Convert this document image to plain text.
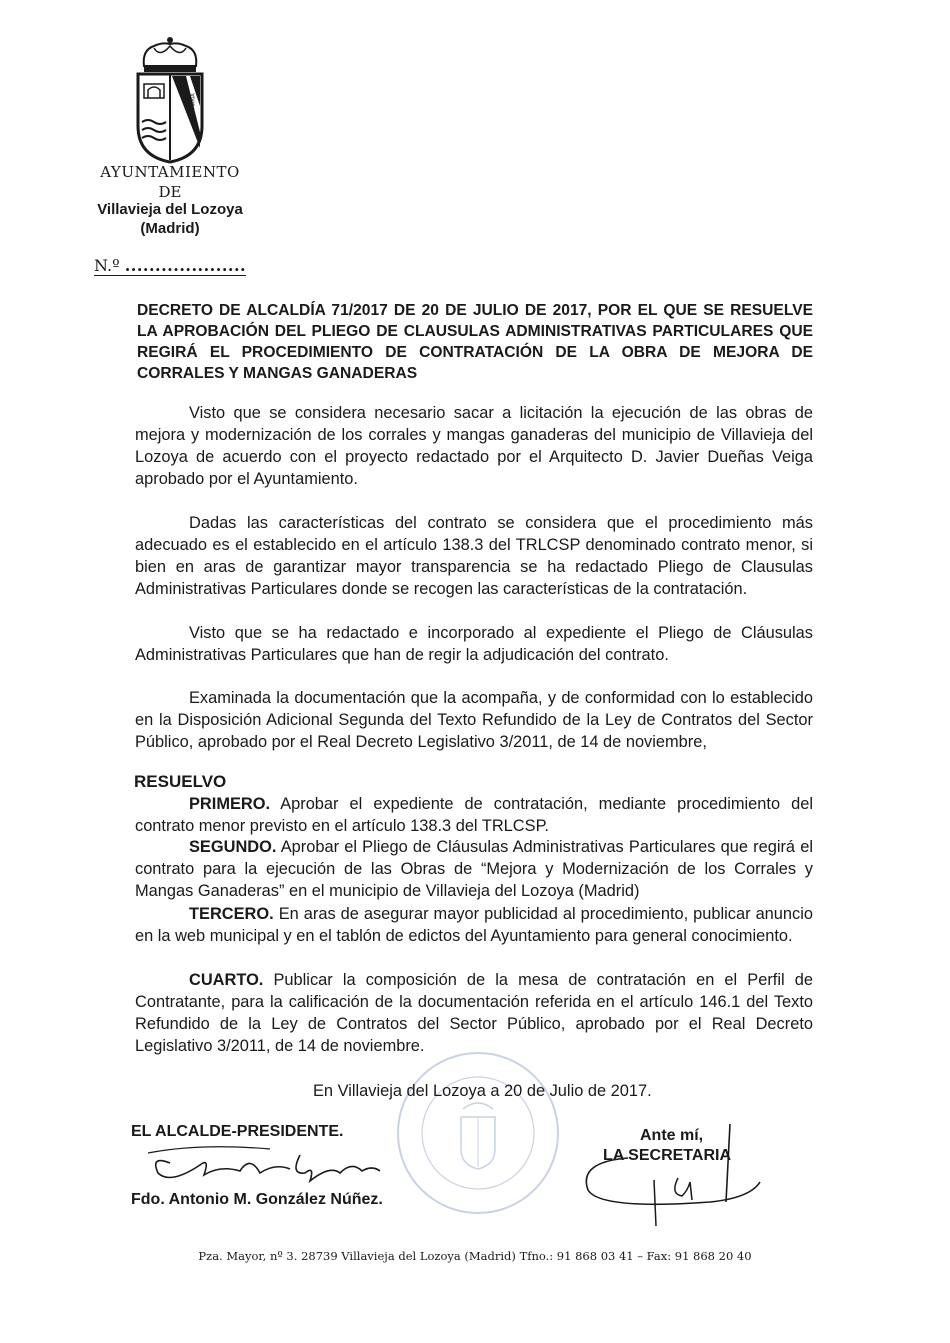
AVE MARIA
AYUNTAMIENTO
DE
Villavieja del Lozoya
(Madrid)
N.º ....................
DECRETO DE ALCALDÍA 71/2017 DE 20 DE JULIO DE 2017, POR EL QUE SE RESUELVE LA APROBACIÓN DEL PLIEGO DE CLAUSULAS ADMINISTRATIVAS PARTICULARES QUE REGIRÁ EL PROCEDIMIENTO DE CONTRATACIÓN DE LA OBRA DE MEJORA DE CORRALES Y MANGAS GANADERAS
Visto que se considera necesario sacar a licitación la ejecución de las obras de mejora y modernización de los corrales y mangas ganaderas del municipio de Villavieja del Lozoya de acuerdo con el proyecto redactado por el Arquitecto D. Javier Dueñas Veiga aprobado por el Ayuntamiento.
Dadas las características del contrato se considera que el procedimiento más adecuado es el establecido en el artículo 138.3 del TRLCSP denominado contrato menor, si bien en aras de garantizar mayor transparencia se ha redactado Pliego de Clausulas Administrativas Particulares donde se recogen las características de la contratación.
Visto que se ha redactado e incorporado al expediente el Pliego de Cláusulas Administrativas Particulares que han de regir la adjudicación del contrato.
Examinada la documentación que la acompaña, y de conformidad con lo establecido en la Disposición Adicional Segunda del Texto Refundido de la Ley de Contratos del Sector Público, aprobado por el Real Decreto Legislativo 3/2011, de 14 de noviembre,
RESUELVO
PRIMERO. Aprobar el expediente de contratación, mediante procedimiento del contrato menor previsto en el artículo 138.3 del TRLCSP.
SEGUNDO. Aprobar el Pliego de Cláusulas Administrativas Particulares que regirá el contrato para la ejecución de las Obras de “Mejora y Modernización de los Corrales y Mangas Ganaderas” en el municipio de Villavieja del Lozoya (Madrid)
TERCERO. En aras de asegurar mayor publicidad al procedimiento, publicar anuncio en la web municipal y en el tablón de edictos del Ayuntamiento para general conocimiento.
CUARTO. Publicar la composición de la mesa de contratación en el Perfil de Contratante, para la calificación de la documentación referida en el artículo 146.1 del Texto Refundido de la Ley de Contratos del Sector Público, aprobado por el Real Decreto Legislativo 3/2011, de 14 de noviembre.
En Villavieja del Lozoya a 20 de Julio de 2017.
EL ALCALDE-PRESIDENTE.
Fdo. Antonio M. González Núñez.
Ante mí,
LA SECRETARIA
Pza. Mayor, nº 3. 28739 Villavieja del Lozoya (Madrid) Tfno.: 91 868 03 41 – Fax: 91 868 20 40
